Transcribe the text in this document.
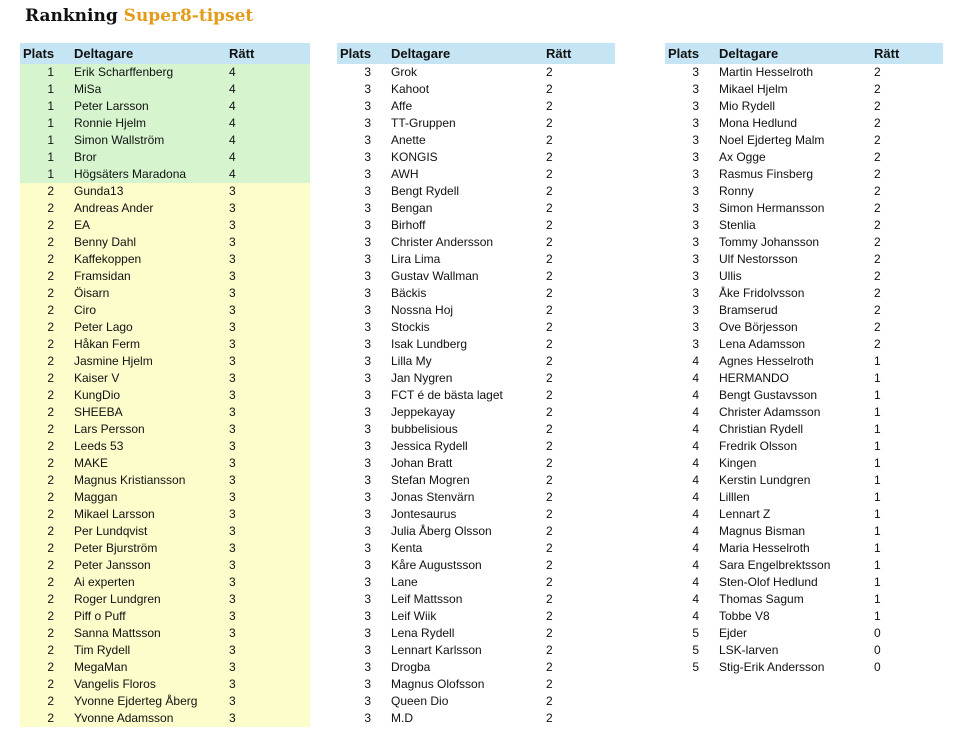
Rankning Super8-tipset
Plats Deltagare	Rätt
1 Erik Scharffenberg	4
1 MiSa	4
1 Peter Larsson	4
1 Ronnie Hjelm	4
1 Simon Wallström	4
1 Bror	4
1 Högsäters Maradona	4
2 Gunda13	3
2 Andreas Ander	3
2 EA	3
2 Benny Dahl	3
2 Kaffekoppen	3
2 Framsidan	3
2 Öisarn	3
2 Ciro	3
2 Peter Lago	3
2 Håkan Ferm	3
2 Jasmine Hjelm	3
2 Kaiser V	3
2 KungDio	3
2 SHEEBA	3
2 Lars Persson	3
2 Leeds 53	3
2 MAKE	3
2 Magnus Kristiansson	3
2 Maggan	3
2 Mikael Larsson	3
2 Per Lundqvist	3
2 Peter Bjurström	3
2 Peter Jansson	3
2 Ai experten	3
2 Roger Lundgren	3
2 Piff o Puff	3
2 Sanna Mattsson	3
2 Tim Rydell	3
2 MegaMan	3
2 Vangelis Floros	3
2 Yvonne Ejderteg Åberg	3
2 Yvonne Adamsson	3
Plats Deltagare	Rätt
3 Grok	2
3 Kahoot	2
3 Affe	2
3 TT-Gruppen	2
3 Anette	2
3 KONGIS	2
3 AWH	2
3 Bengt Rydell	2
3 Bengan	2
3 Birhoff	2
3 Christer Andersson	2
3 Lira Lima	2
3 Gustav Wallman	2
3 Bäckis	2
3 Nossna Hoj	2
3 Stockis	2
3 Isak Lundberg	2
3 Lilla My	2
3 Jan Nygren	2
3 FCT é de bästa laget	2
3 Jeppekayay	2
3 bubbelisious	2
3 Jessica Rydell	2
3 Johan Bratt	2
3 Stefan Mogren	2
3 Jonas Stenvärn	2
3 Jontesaurus	2
3 Julia Åberg Olsson	2
3 Kenta	2
3 Kåre Augustsson	2
3 Lane	2
3 Leif Mattsson	2
3 Leif Wiik	2
3 Lena Rydell	2
3 Lennart Karlsson	2
3 Drogba	2
3 Magnus Olofsson	2
3 Queen Dio	2
3 M.D	2
Plats Deltagare	Rätt
3 Martin Hesselroth	2
3 Mikael Hjelm	2
3 Mio Rydell	2
3 Mona Hedlund	2
3 Noel Ejderteg Malm	2
3 Ax Ogge	2
3 Rasmus Finsberg	2
3 Ronny	2
3 Simon Hermansson	2
3 Stenlia	2
3 Tommy Johansson	2
3 Ulf Nestorsson	2
3 Ullis	2
3 Åke Fridolvsson	2
3 Bramserud	2
3 Ove Börjesson	2
3 Lena Adamsson	2
4 Agnes Hesselroth	1
4 HERMANDO	1
4 Bengt Gustavsson	1
4 Christer Adamsson	1
4 Christian Rydell	1
4 Fredrik Olsson	1
4 Kingen	1
4 Kerstin Lundgren	1
4 Lilllen	1
4 Lennart Z	1
4 Magnus Bisman	1
4 Maria Hesselroth	1
4 Sara Engelbrektsson	1
4 Sten-Olof Hedlund	1
4 Thomas Sagum	1
4 Tobbe V8	1
5 Ejder	0
5 LSK-larven	0
5 Stig-Erik Andersson	0
